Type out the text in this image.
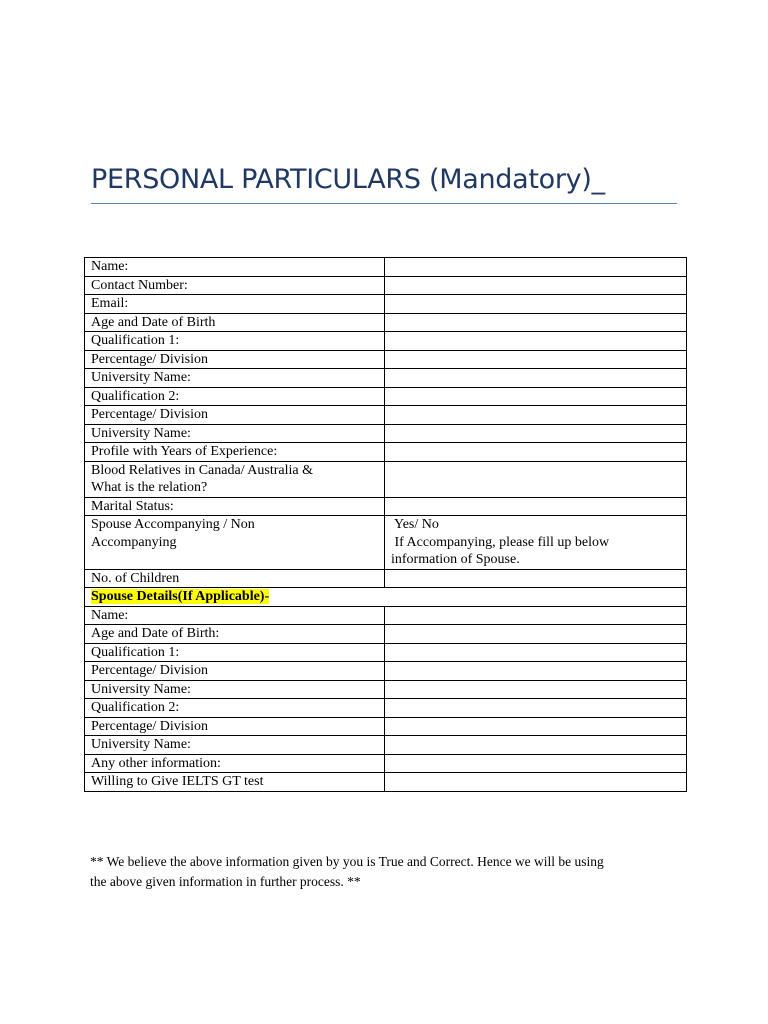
PERSONAL PARTICULARS (Mandatory)_
Name:	
Contact Number:	
Email:	
Age and Date of Birth	
Qualification 1:	
Percentage/ Division	
University Name:	
Qualification 2:	
Percentage/ Division	
University Name:	
Profile with Years of Experience:	

Blood Relatives in Canada/ Australia &
What is the relation?	

Marital Status:	

Spouse Accompanying / Non
Accompanying	Yes/ No
If Accompanying, please fill up below
information of Spouse.

No. of Children	
Spouse Details(If Applicable)-	
Name:	
Age and Date of Birth:	
Qualification 1:	
Percentage/ Division	
University Name:	
Qualification 2:	
Percentage/ Division	
University Name:	
Any other information:	
Willing to Give IELTS GT test	

** We believe the above information given by you is True and Correct. Hence we will be using
the above given information in further process. **
